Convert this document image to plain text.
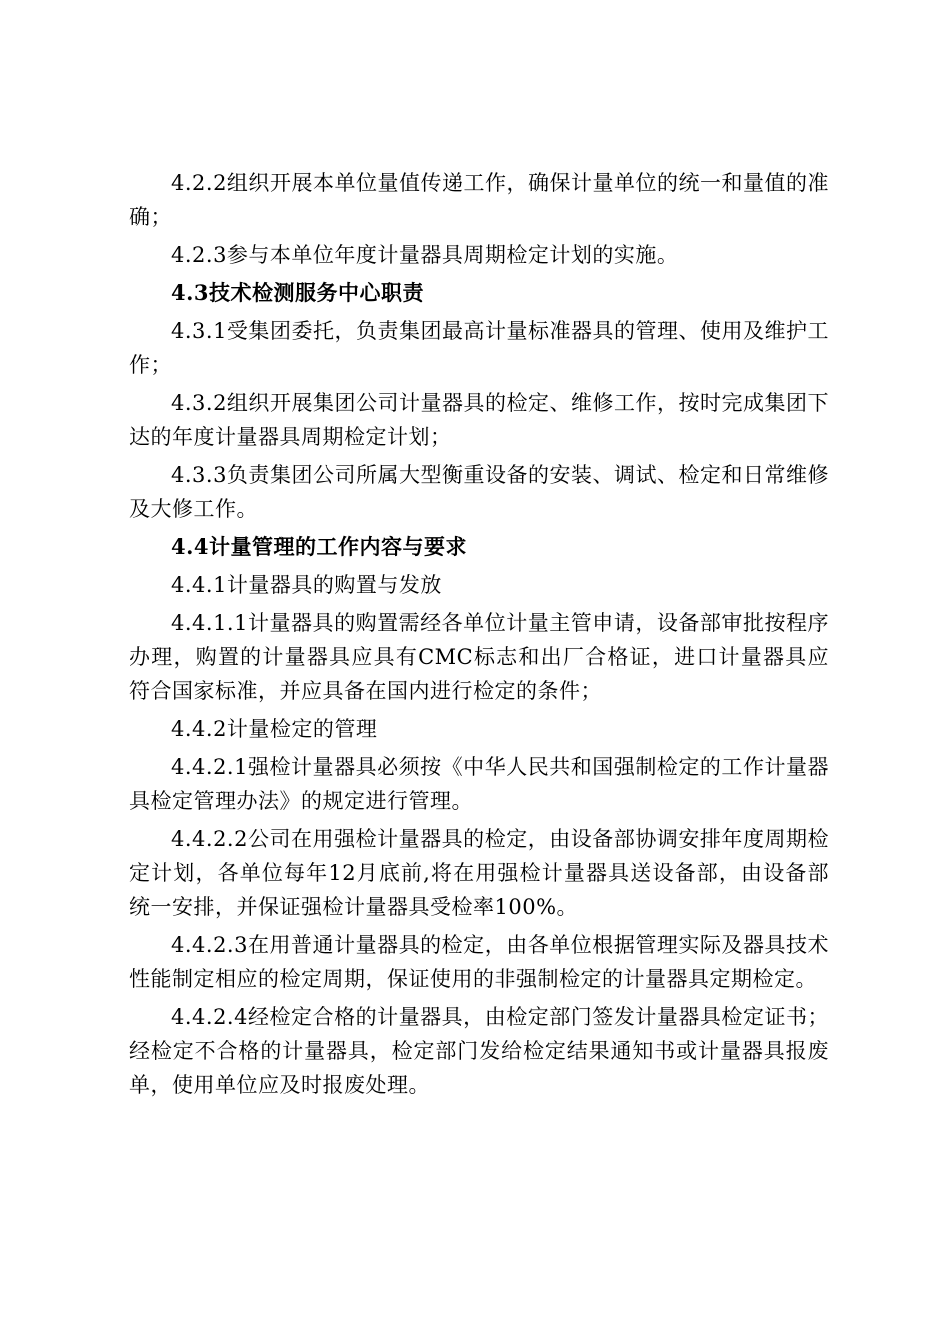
4.2.2组织开展本单位量值传递工作，确保计量单位的统一和量值的准确；

4.2.3参与本单位年度计量器具周期检定计划的实施。

4.3技术检测服务中心职责

4.3.1受集团委托，负责集团最高计量标准器具的管理、使用及维护工作；

4.3.2组织开展集团公司计量器具的检定、维修工作，按时完成集团下达的年度计量器具周期检定计划；

4.3.3负责集团公司所属大型衡重设备的安装、调试、检定和日常维修及大修工作。

4.4计量管理的工作内容与要求

4.4.1计量器具的购置与发放

4.4.1.1计量器具的购置需经各单位计量主管申请，设备部审批按程序办理，购置的计量器具应具有CMC标志和出厂合格证，进口计量器具应符合国家标准，并应具备在国内进行检定的条件；

4.4.2计量检定的管理

4.4.2.1强检计量器具必须按《中华人民共和国强制检定的工作计量器具检定管理办法》的规定进行管理。

4.4.2.2公司在用强检计量器具的检定，由设备部协调安排年度周期检定计划，各单位每年12月底前,将在用强检计量器具送设备部，由设备部统一安排，并保证强检计量器具受检率100%。

4.4.2.3在用普通计量器具的检定，由各单位根据管理实际及器具技术性能制定相应的检定周期，保证使用的非强制检定的计量器具定期检定。

4.4.2.4经检定合格的计量器具，由检定部门签发计量器具检定证书；经检定不合格的计量器具，检定部门发给检定结果通知书或计量器具报废单，使用单位应及时报废处理。
